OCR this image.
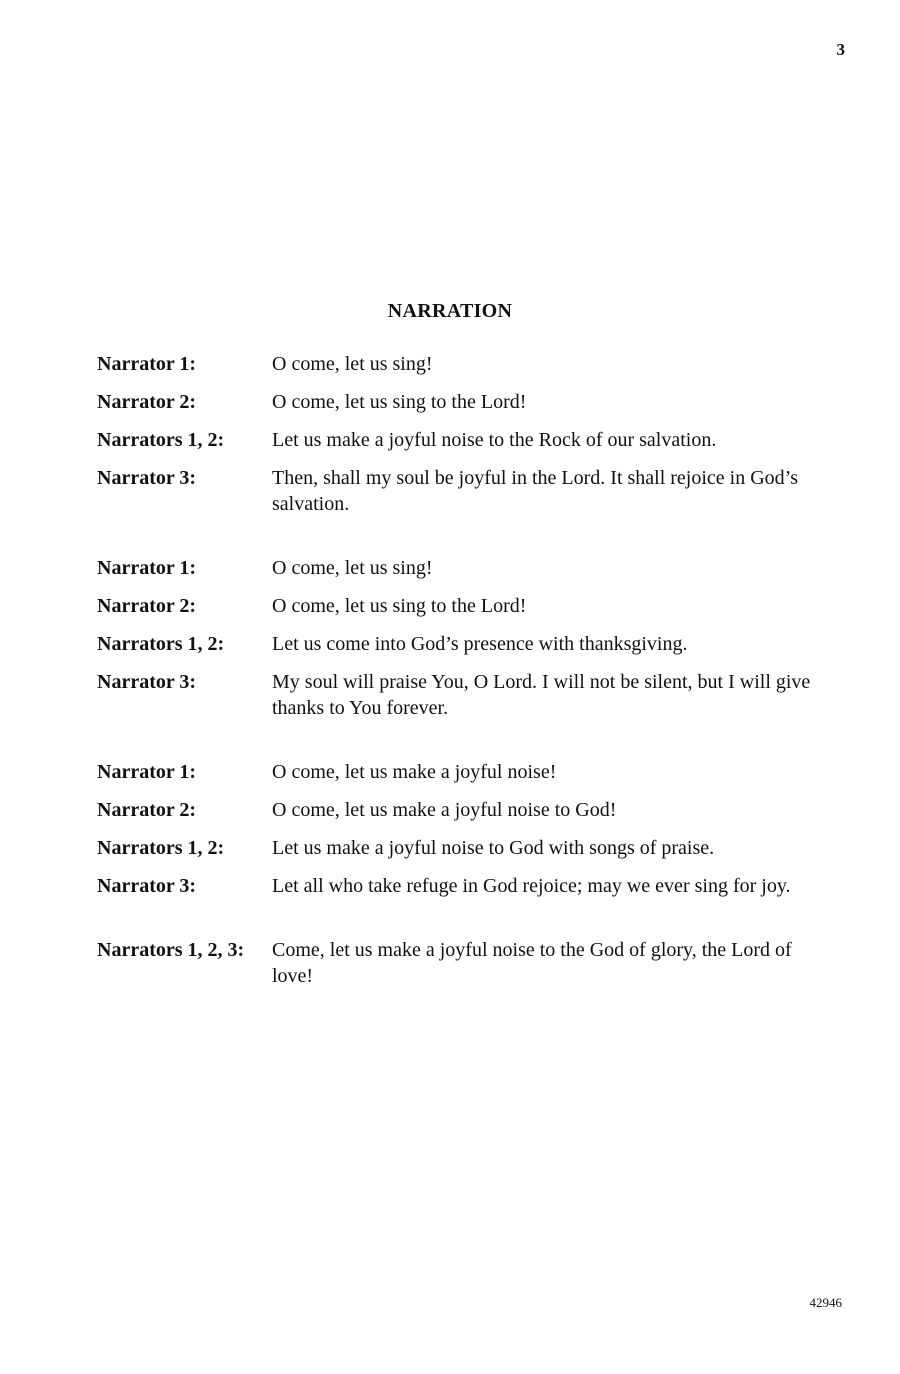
3
NARRATION
Narrator 1:	O come, let us sing!
Narrator 2:	O come, let us sing to the Lord!
Narrators 1, 2:	Let us make a joyful noise to the Rock of our salvation.
Narrator 3:	Then, shall my soul be joyful in the Lord. It shall rejoice in God’s salvation.
Narrator 1:	O come, let us sing!
Narrator 2:	O come, let us sing to the Lord!
Narrators 1, 2:	Let us come into God’s presence with thanksgiving.
Narrator 3:	My soul will praise You, O Lord. I will not be silent, but I will give thanks to You forever.
Narrator 1:	O come, let us make a joyful noise!
Narrator 2:	O come, let us make a joyful noise to God!
Narrators 1, 2:	Let us make a joyful noise to God with songs of praise.
Narrator 3:	Let all who take refuge in God rejoice; may we ever sing for joy.
Narrators 1, 2, 3:	Come, let us make a joyful noise to the God of glory, the Lord of love!
42946
